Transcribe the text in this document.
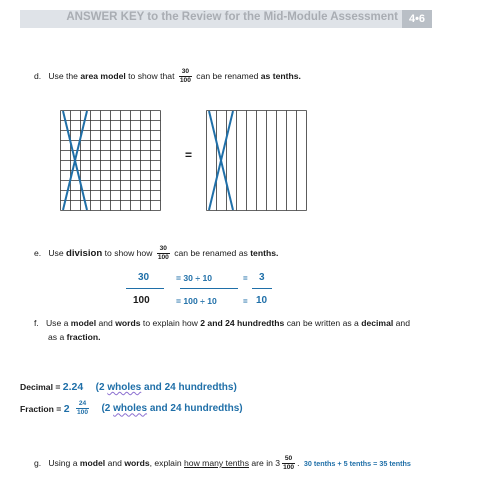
ANSWER KEY to the Review for the Mid-Module Assessment 4•6
d. Use the area model to show that $\frac{30}{100}$ can be renamed as tenths.
=
e. Use division to show how $\frac{30}{100}$ can be renamed as tenths.
30
100
= 30 ÷ 10
= 100 ÷ 10
=
=
3
10
f. Use a model and words to explain how 2 and 24 hundredths can be written as a decimal and
as a fraction.
Decimal = 2.24 (2 wholes and 24 hundredths)
Fraction = $2 \frac{24}{100} (2$ wholes and 24 hundredths)
g. Using a model and words, explain how many tenths are in $3 \frac{50}{100}$ . 30 tenths + 5 tenths = 35 tenths
